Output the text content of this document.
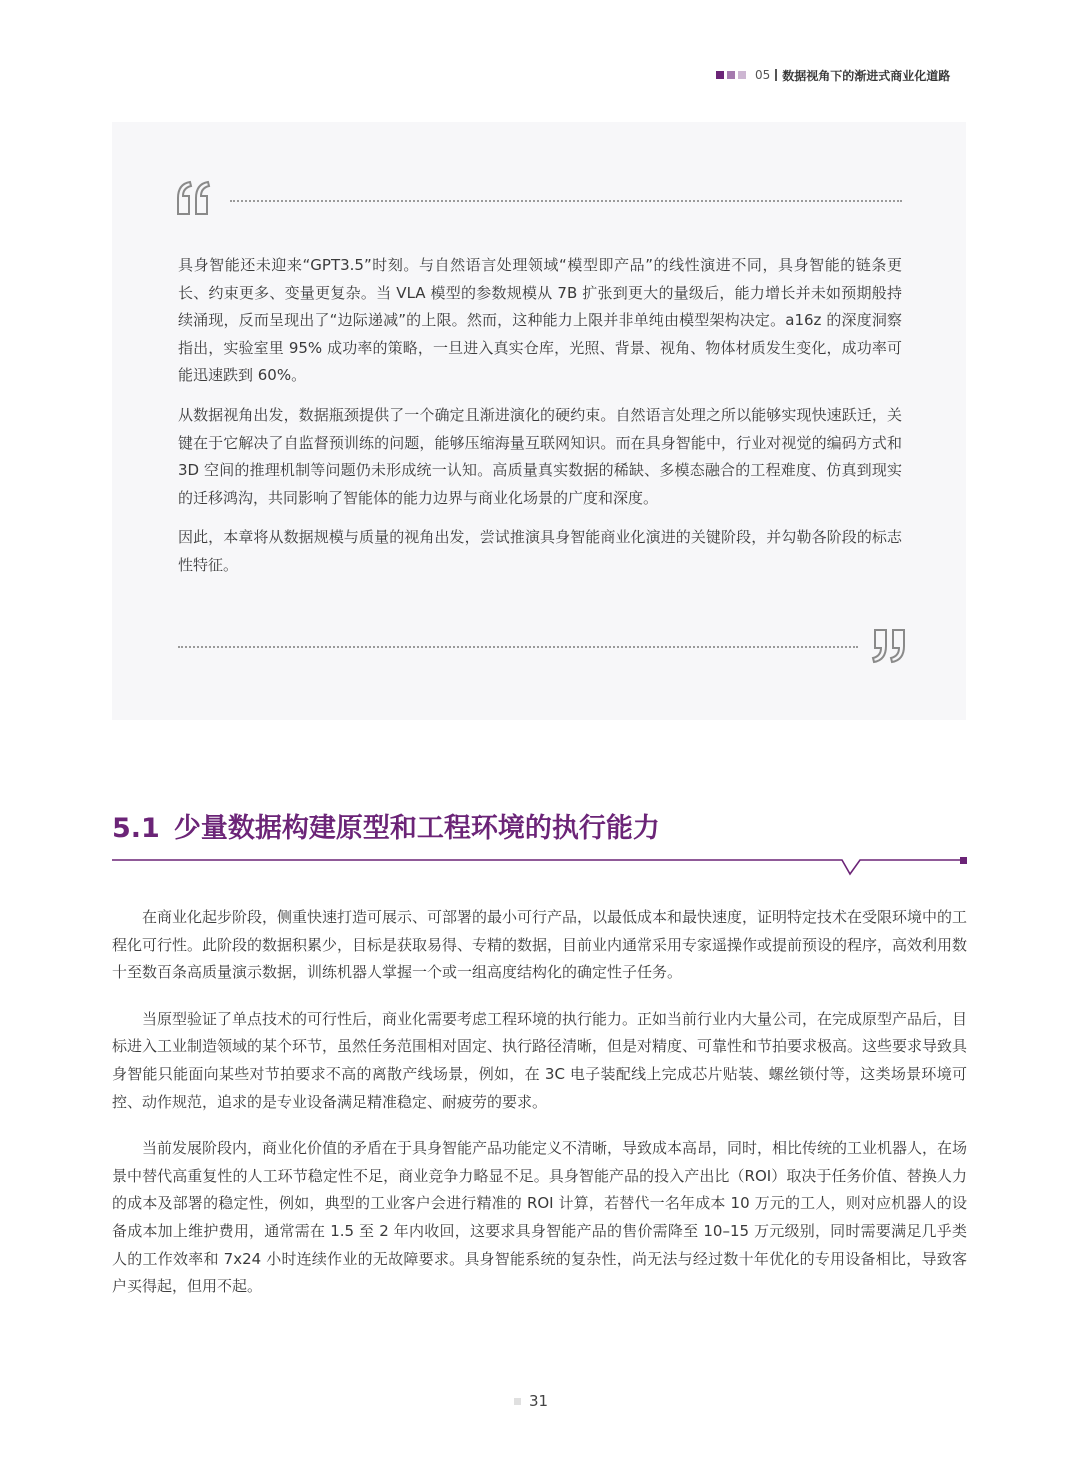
05 数据视角下的渐进式商业化道路

具身智能还未迎来“GPT3.5”时刻。与自然语言处理领域“模型即产品”的线性演进不同，具身智能的链条更长、约束更多、变量更复杂。当 VLA 模型的参数规模从 7B 扩张到更大的量级后，能力增长并未如预期般持续涌现，反而呈现出了“边际递减”的上限。然而，这种能力上限并非单纯由模型架构决定。a16z 的深度洞察指出，实验室里 95% 成功率的策略，一旦进入真实仓库，光照、背景、视角、物体材质发生变化，成功率可能迅速跌到 60%。

从数据视角出发，数据瓶颈提供了一个确定且渐进演化的硬约束。自然语言处理之所以能够实现快速跃迁，关键在于它解决了自监督预训练的问题，能够压缩海量互联网知识。而在具身智能中，行业对视觉的编码方式和 3D 空间的推理机制等问题仍未形成统一认知。高质量真实数据的稀缺、多模态融合的工程难度、仿真到现实的迁移鸿沟，共同影响了智能体的能力边界与商业化场景的广度和深度。

因此，本章将从数据规模与质量的视角出发，尝试推演具身智能商业化演进的关键阶段，并勾勒各阶段的标志性特征。

5.1 少量数据构建原型和工程环境的执行能力

在商业化起步阶段，侧重快速打造可展示、可部署的最小可行产品，以最低成本和最快速度，证明特定技术在受限环境中的工程化可行性。此阶段的数据积累少，目标是获取易得、专精的数据，目前业内通常采用专家遥操作或提前预设的程序，高效利用数十至数百条高质量演示数据，训练机器人掌握一个或一组高度结构化的确定性子任务。

当原型验证了单点技术的可行性后，商业化需要考虑工程环境的执行能力。正如当前行业内大量公司，在完成原型产品后，目标进入工业制造领域的某个环节，虽然任务范围相对固定、执行路径清晰，但是对精度、可靠性和节拍要求极高。这些要求导致具身智能只能面向某些对节拍要求不高的离散产线场景，例如，在 3C 电子装配线上完成芯片贴装、螺丝锁付等，这类场景环境可控、动作规范，追求的是专业设备满足精准稳定、耐疲劳的要求。

当前发展阶段内，商业化价值的矛盾在于具身智能产品功能定义不清晰，导致成本高昂，同时，相比传统的工业机器人，在场景中替代高重复性的人工环节稳定性不足，商业竞争力略显不足。具身智能产品的投入产出比（ROI）取决于任务价值、替换人力的成本及部署的稳定性，例如，典型的工业客户会进行精准的 ROI 计算，若替代一名年成本 10 万元的工人，则对应机器人的设备成本加上维护费用，通常需在 1.5 至 2 年内收回，这要求具身智能产品的售价需降至 10–15 万元级别，同时需要满足几乎类人的工作效率和 7x24 小时连续作业的无故障要求。具身智能系统的复杂性，尚无法与经过数十年优化的专用设备相比，导致客户买得起，但用不起。

31
